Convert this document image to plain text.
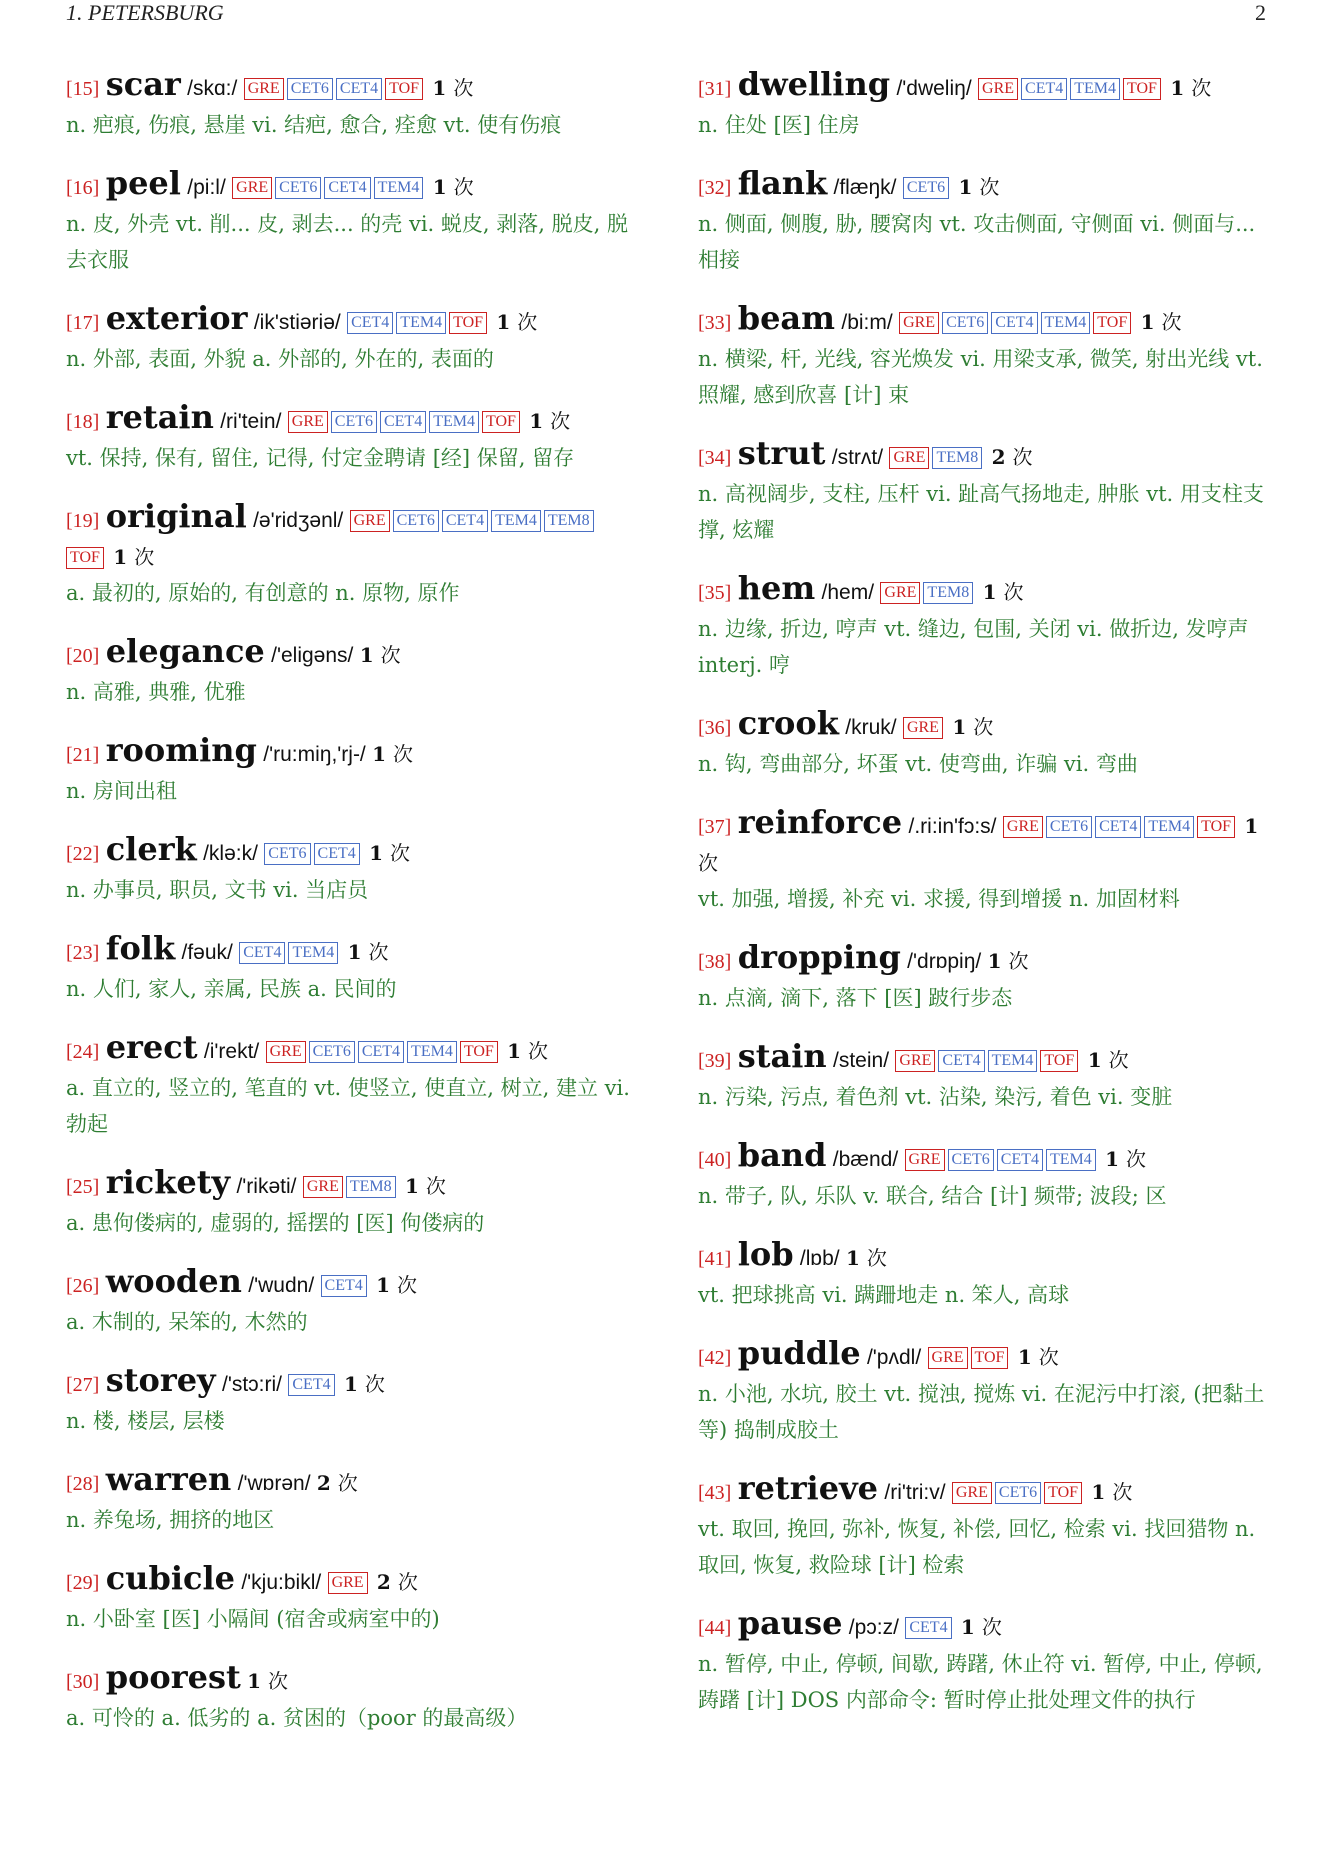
1. PETERSBURG	2
[15] scar /skɑ:/ GRE CET6 CET4 TOF 1 次
n. 疤痕, 伤痕, 悬崖 vi. 结疤, 愈合, 痊愈 vt. 使有伤痕
[16] peel /pi:l/ GRE CET6 CET4 TEM4 1 次
n. 皮, 外壳 vt. 削... 皮, 剥去... 的壳 vi. 蜕皮, 剥落, 脱皮, 脱去衣服
[17] exterior /ik'stiəriə/ CET4 TEM4 TOF 1 次
n. 外部, 表面, 外貌 a. 外部的, 外在的, 表面的
[18] retain /ri'tein/ GRE CET6 CET4 TEM4 TOF 1 次
vt. 保持, 保有, 留住, 记得, 付定金聘请 [经] 保留, 留存
[19] original /ə'ridʒənl/ GRE CET6 CET4 TEM4 TEM8TOF 1 次
a. 最初的, 原始的, 有创意的 n. 原物, 原作
[20] elegance /'eligəns/ 1 次
n. 高雅, 典雅, 优雅
[21] rooming /'ru:miŋ,'rj-/ 1 次
n. 房间出租
[22] clerk /klə:k/ CET6 CET4 1 次
n. 办事员, 职员, 文书 vi. 当店员
[23] folk /fəuk/ CET4 TEM4 1 次
n. 人们, 家人, 亲属, 民族 a. 民间的
[24] erect /i'rekt/ GRE CET6 CET4 TEM4 TOF 1 次
a. 直立的, 竖立的, 笔直的 vt. 使竖立, 使直立, 树立, 建立 vi. 勃起
[25] rickety /'rikəti/ GRE TEM8 1 次
a. 患佝偻病的, 虚弱的, 摇摆的 [医] 佝偻病的
[26] wooden /'wudn/ CET4 1 次
a. 木制的, 呆笨的, 木然的
[27] storey /'stɔ:ri/ CET4 1 次
n. 楼, 楼层, 层楼
[28] warren /'wɒrən/ 2 次
n. 养兔场, 拥挤的地区
[29] cubicle /'kju:bikl/ GRE 2 次
n. 小卧室 [医] 小隔间 (宿舍或病室中的)
[30] poorest 1 次
a. 可怜的 a. 低劣的 a. 贫困的（poor 的最高级）
[31] dwelling /'dweliŋ/ GRE CET4 TEM4 TOF 1 次
n. 住处 [医] 住房
[32] flank /flæŋk/ CET6 1 次
n. 侧面, 侧腹, 胁, 腰窝肉 vt. 攻击侧面, 守侧面 vi. 侧面与... 相接
[33] beam /bi:m/ GRE CET6 CET4 TEM4 TOF 1 次
n. 横梁, 杆, 光线, 容光焕发 vi. 用梁支承, 微笑, 射出光线 vt. 照耀, 感到欣喜 [计] 束
[34] strut /strʌt/ GRE TEM8 2 次
n. 高视阔步, 支柱, 压杆 vi. 趾高气扬地走, 肿胀 vt. 用支柱支撑, 炫耀
[35] hem /hem/ GRE TEM8 1 次
n. 边缘, 折边, 哼声 vt. 缝边, 包围, 关闭 vi. 做折边, 发哼声 interj. 哼
[36] crook /kruk/ GRE 1 次
n. 钩, 弯曲部分, 坏蛋 vt. 使弯曲, 诈骗 vi. 弯曲
[37] reinforce /.ri:in'fɔ:s/ GRE CET6 CET4 TEM4 TOF 1 次
vt. 加强, 增援, 补充 vi. 求援, 得到增援 n. 加固材料
[38] dropping /'drɒpiŋ/ 1 次
n. 点滴, 滴下, 落下 [医] 跛行步态
[39] stain /stein/ GRE CET4 TEM4 TOF 1 次
n. 污染, 污点, 着色剂 vt. 沾染, 染污, 着色 vi. 变脏
[40] band /bænd/ GRE CET6 CET4 TEM4 1 次
n. 带子, 队, 乐队 v. 联合, 结合 [计] 频带; 波段; 区
[41] lob /lɒb/ 1 次
vt. 把球挑高 vi. 蹒跚地走 n. 笨人, 高球
[42] puddle /'pʌdl/ GRE TOF 1 次
n. 小池, 水坑, 胶土 vt. 搅浊, 搅炼 vi. 在泥污中打滚, (把黏土等) 捣制成胶土
[43] retrieve /ri'tri:v/ GRE CET6 TOF 1 次
vt. 取回, 挽回, 弥补, 恢复, 补偿, 回忆, 检索 vi. 找回猎物 n. 取回, 恢复, 救险球 [计] 检索
[44] pause /pɔ:z/ CET4 1 次
n. 暂停, 中止, 停顿, 间歇, 踌躇, 休止符 vi. 暂停, 中止, 停顿, 踌躇 [计] DOS 内部命令: 暂时停止批处理文件的执行
